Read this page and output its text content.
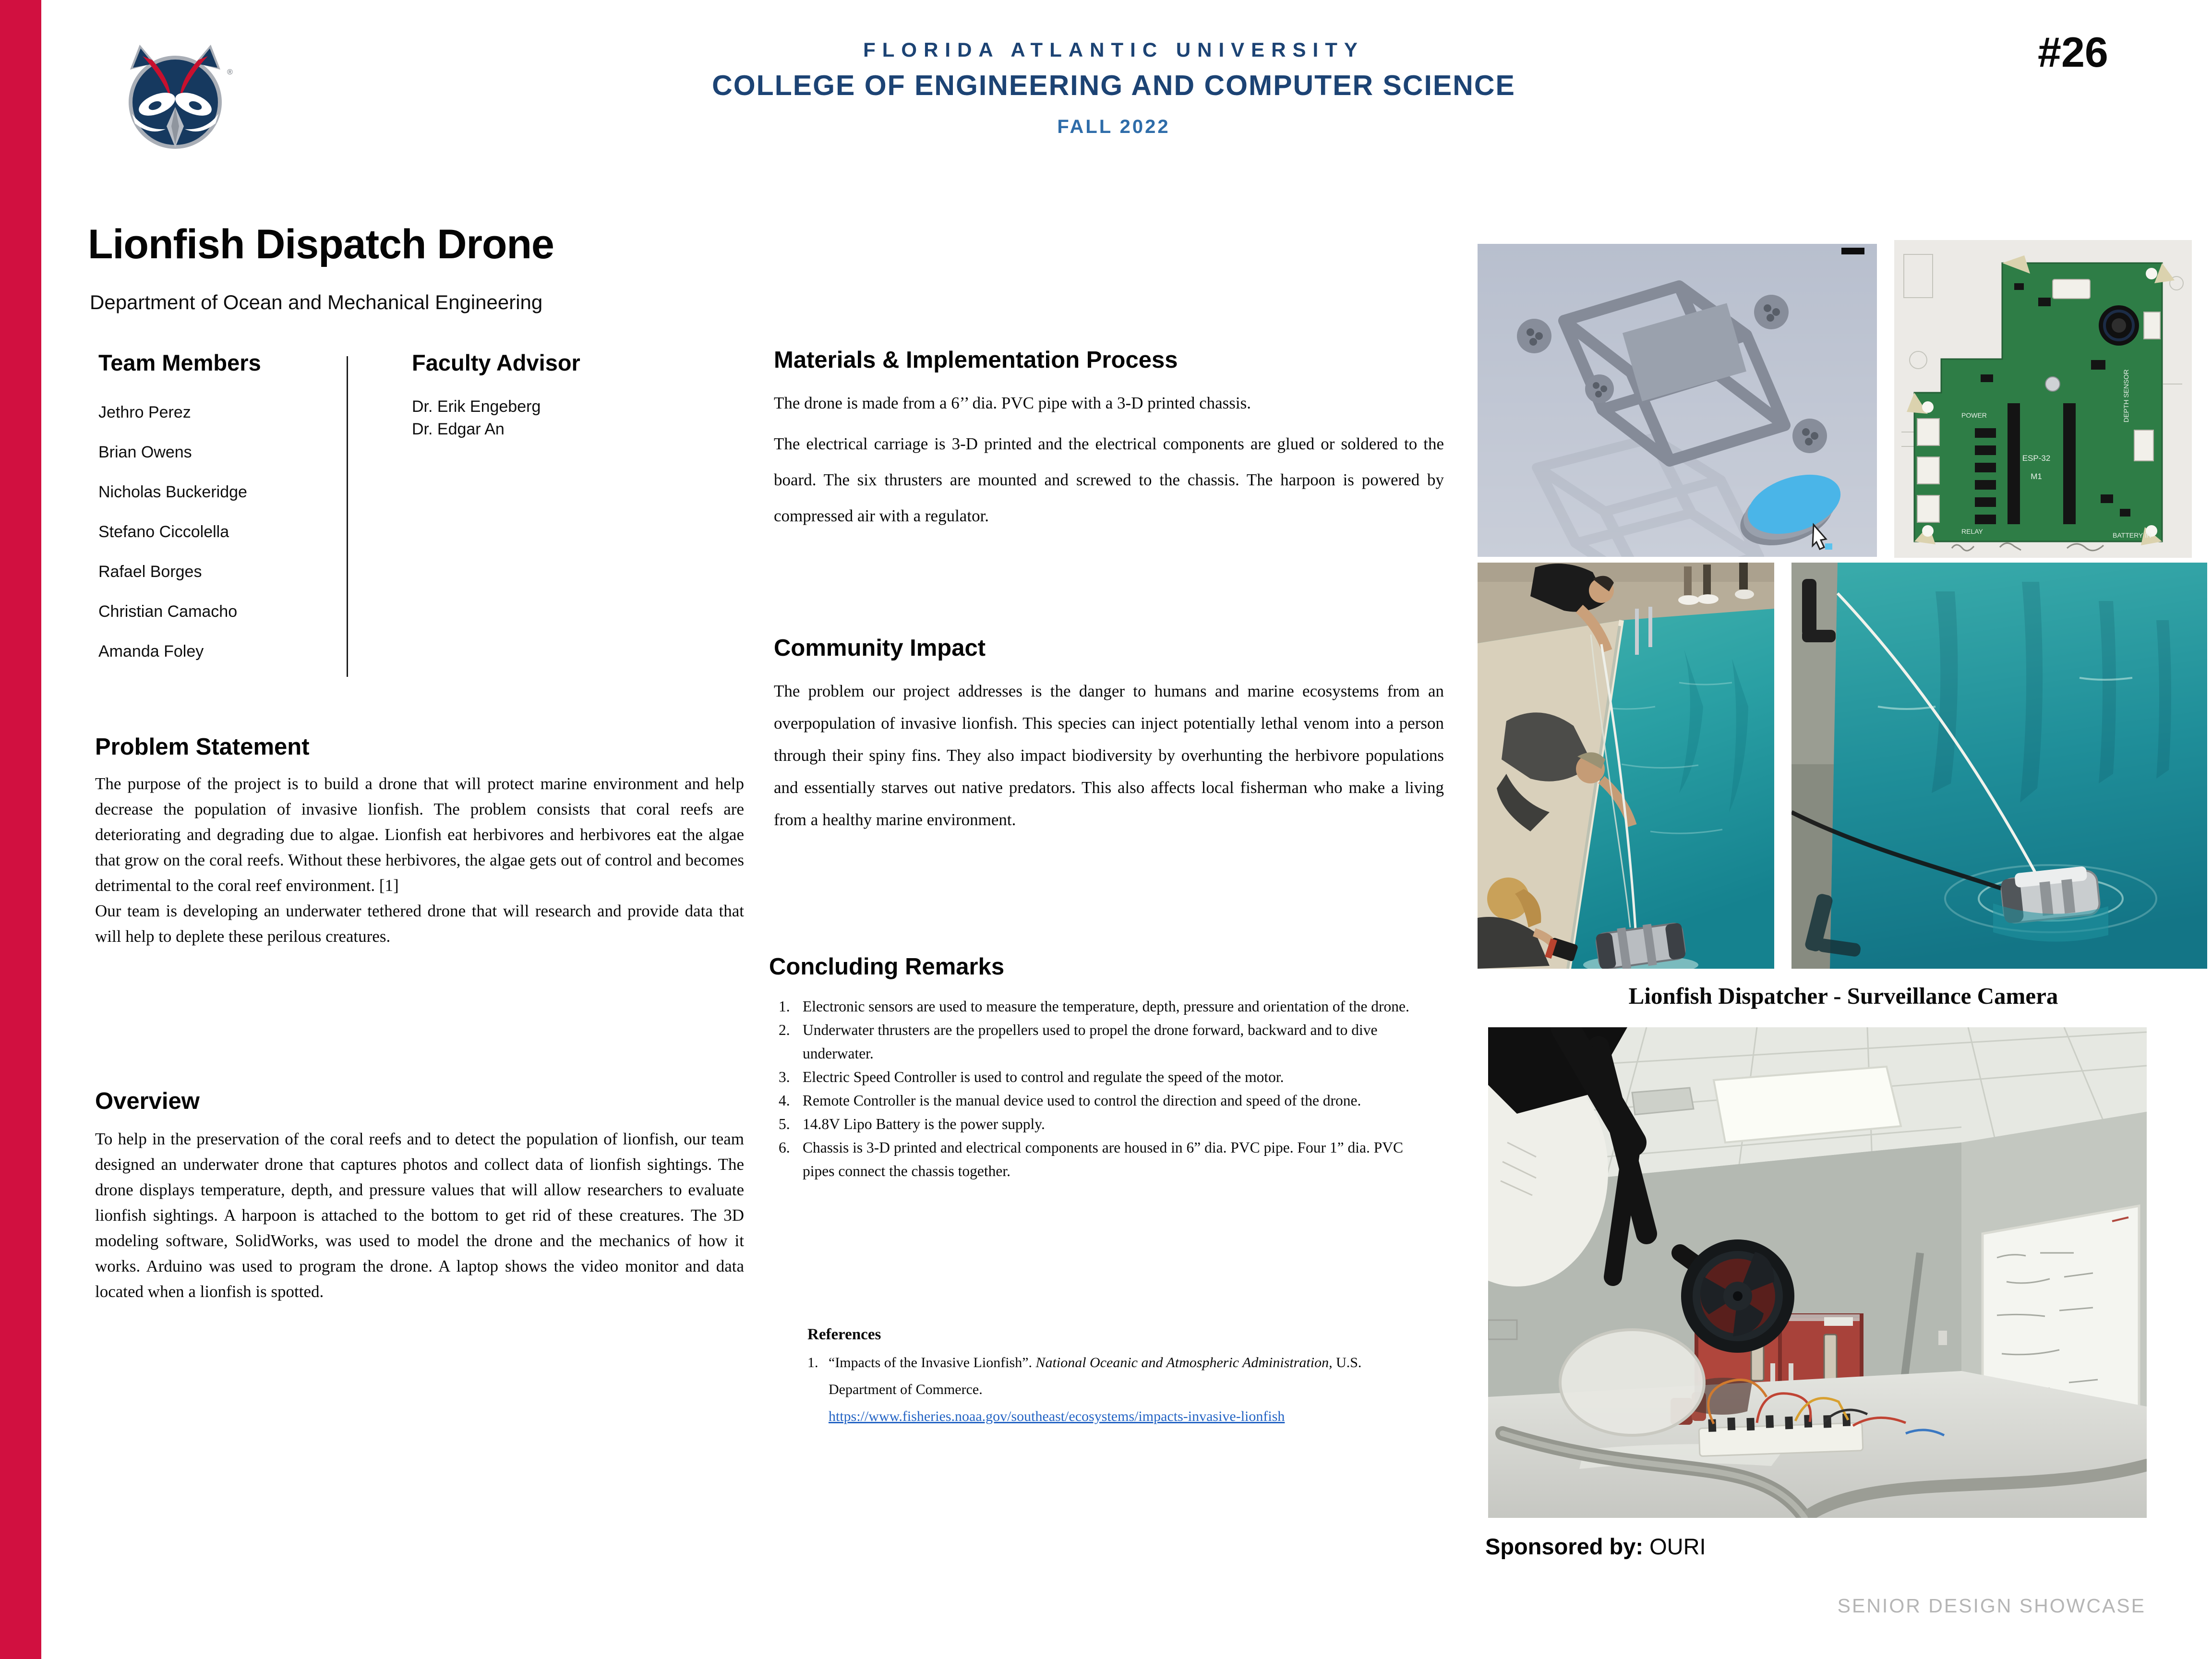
®
FLORIDA ATLANTIC UNIVERSITY
COLLEGE OF ENGINEERING AND COMPUTER SCIENCE
FALL 2022
#26
Lionfish Dispatch Drone
Department of Ocean and Mechanical Engineering
Team Members	Faculty Advisor
Jethro Perez
Brian Owens
Nicholas Buckeridge
Stefano Ciccolella
Rafael Borges
Christian Camacho
Amanda Foley
Dr. Erik Engeberg
Dr. Edgar An
Problem Statement

The purpose of the project is to build a drone that will protect marine environment and help decrease the population of invasive lionfish. The problem consists that coral reefs are deteriorating and degrading due to algae. Lionfish eat herbivores and herbivores eat the algae that grow on the coral reefs. Without these herbivores, the algae gets out of control and becomes detrimental to the coral reef environment. [1]

Our team is developing an underwater tethered drone that will research and provide data that will help to deplete these perilous creatures.

Overview

To help in the preservation of the coral reefs and to detect the population of lionfish, our team designed an underwater drone that captures photos and collect data of lionfish sightings. The drone displays temperature, depth, and pressure values that will allow researchers to evaluate lionfish sightings. A harpoon is attached to the bottom to get rid of these creatures. The 3D modeling software, SolidWorks, was used to model the drone and the mechanics of how it works. Arduino was used to program the drone. A laptop shows the video monitor and data located when a lionfish is spotted.

Materials & Implementation Process

The drone is made from a 6’’ dia. PVC pipe with a 3-D printed chassis.

The electrical carriage is 3-D printed and the electrical components are glued or soldered to the board. The six thrusters are mounted and screwed to the chassis. The harpoon is powered by compressed air with a regulator.

Community Impact

The problem our project addresses is the danger to humans and marine ecosystems from an overpopulation of invasive lionfish. This species can inject potentially lethal venom into a person through their spiny fins. They also impact biodiversity by overhunting the herbivore populations and essentially starves out native predators. This also affects local fisherman who make a living from a healthy marine environment.

Concluding Remarks
1. Electronic sensors are used to measure the temperature, depth, pressure and orientation of the drone.
2. Underwater thrusters are the propellers used to propel the drone forward, backward and to dive underwater.
3. Electric Speed Controller is used to control and regulate the speed of the motor.
4. Remote Controller is the manual device used to control the direction and speed of the drone.
5. 14.8V Lipo Battery is the power supply.
6. Chassis is 3-D printed and electrical components are housed in 6” dia. PVC pipe. Four 1” dia. PVC pipes connect the chassis together.
References
1. “Impacts of the Invasive Lionfish”. National Oceanic and Atmospheric Administration, U.S. Department of Commerce.
https://www.fisheries.noaa.gov/southeast/ecosystems/impacts-invasive-lionfish
ESP-32
M1
POWER
RELAY	BATTERY IN
DEPTH SENSOR
Lionfish Dispatcher - Surveillance Camera
Sponsored by: OURI
SENIOR DESIGN SHOWCASE
